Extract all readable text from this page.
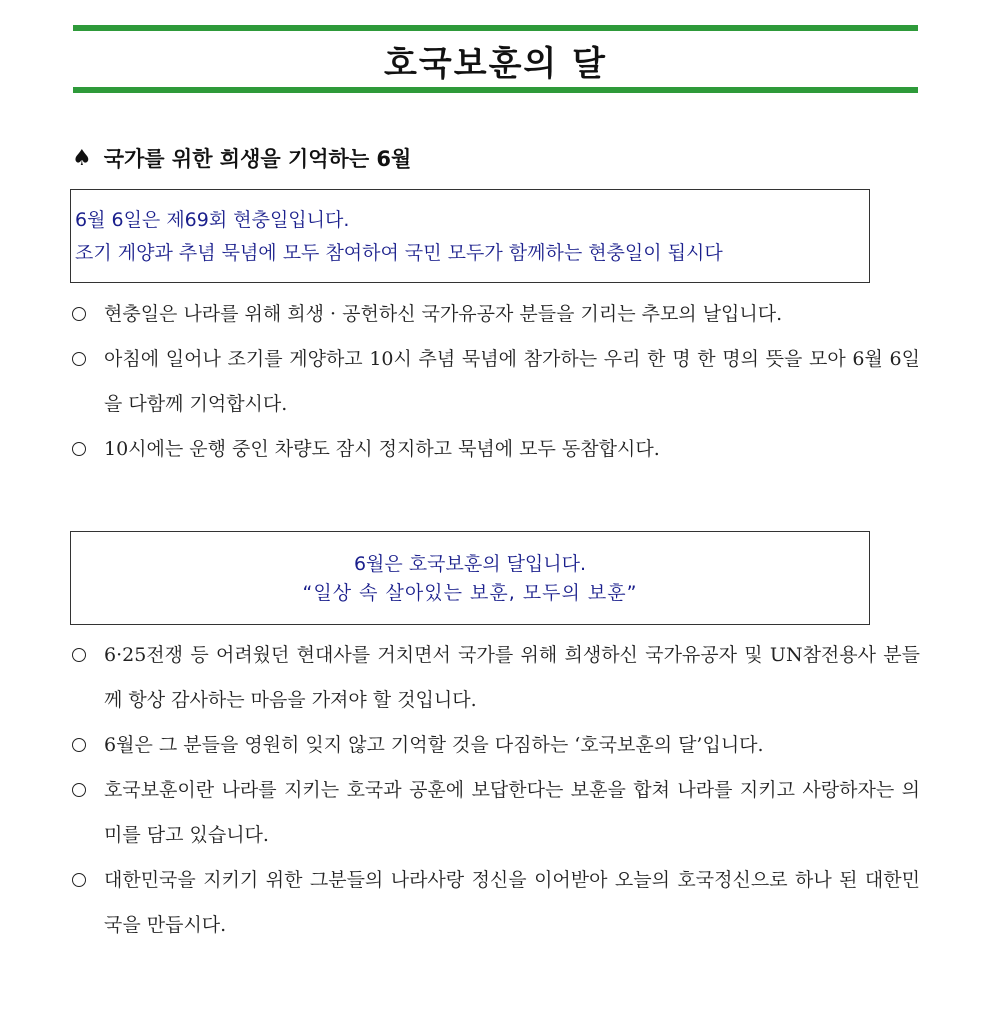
호국보훈의 달
♠ 국가를 위한 희생을 기억하는 6월
6월 6일은 제69회 현충일입니다.
조기 게양과 추념 묵념에 모두 참여하여 국민 모두가 함께하는 현충일이 됩시다
현충일은 나라를 위해 희생 · 공헌하신 국가유공자 분들을 기리는 추모의 날입니다.
아침에 일어나 조기를 게양하고 10시 추념 묵념에 참가하는 우리 한 명 한 명의 뜻을 모아 6월 6일을 다함께 기억합시다.
10시에는 운행 중인 차량도 잠시 정지하고 묵념에 모두 동참합시다.
6월은 호국보훈의 달입니다.
“일상 속 살아있는 보훈, 모두의 보훈”
6·25전쟁 등 어려웠던 현대사를 거치면서 국가를 위해 희생하신 국가유공자 및 UN참전용사 분들께 항상 감사하는 마음을 가져야 할 것입니다.
6월은 그 분들을 영원히 잊지 않고 기억할 것을 다짐하는 ‘호국보훈의 달’입니다.
호국보훈이란 나라를 지키는 호국과 공훈에 보답한다는 보훈을 합쳐 나라를 지키고 사랑하자는 의미를 담고 있습니다.
대한민국을 지키기 위한 그분들의 나라사랑 정신을 이어받아 오늘의 호국정신으로 하나 된 대한민국을 만듭시다.
